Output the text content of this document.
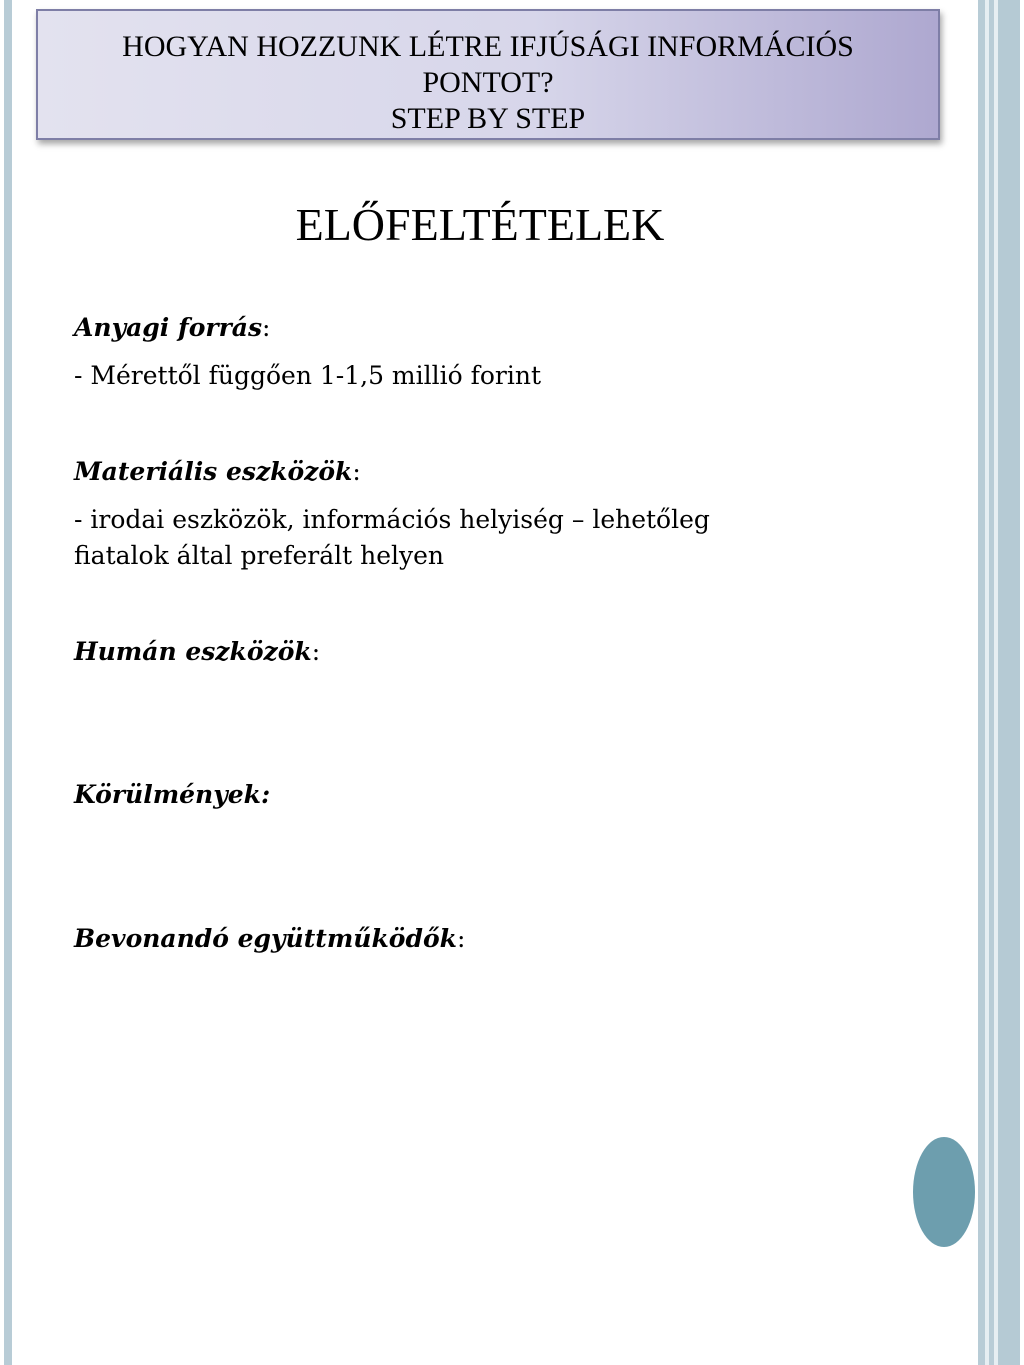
HOGYAN HOZZUNK LÉTRE IFJÚSÁGI INFORMÁCIÓS
PONTOT?
STEP BY STEP
ELŐFELTÉTELEK
Anyagi forrás:
- Mérettől függően 1-1,5 millió forint
Materiális eszközök:
- irodai eszközök, információs helyiség – lehetőleg fiatalok által preferált helyen
Humán eszközök:
Körülmények:
Bevonandó együttműködők:
